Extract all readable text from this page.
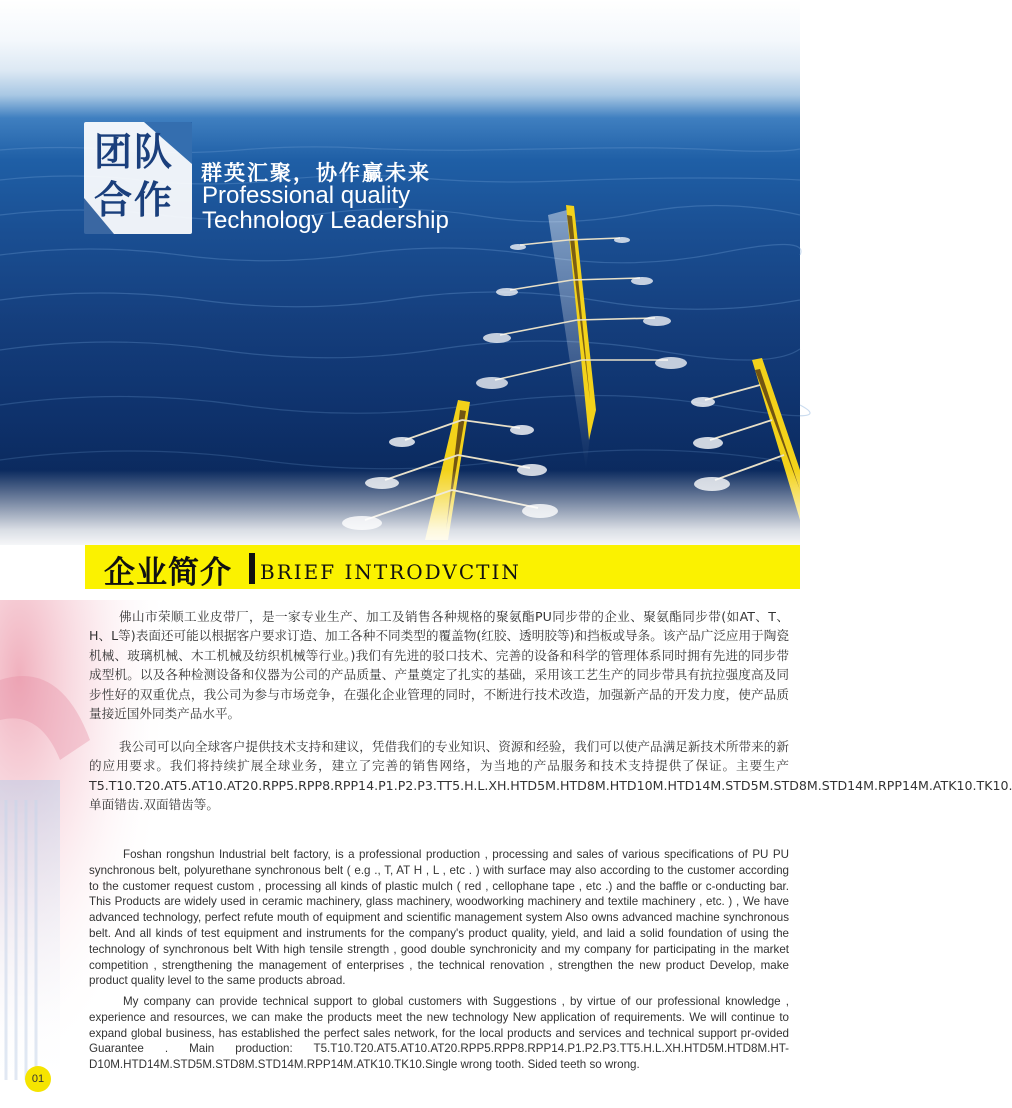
团队
合作
群英汇聚，协作赢未来
Professional quality
Technology Leadership
企业简介 BRIEF INTRODVCTIN
佛山市荣顺工业皮带厂，是一家专业生产、加工及销售各种规格的聚氨酯PU同步带的企业、聚氨酯同步带(如AT、T、H、L等)表面还可能以根据客户要求订造、加工各种不同类型的覆盖物(红胶、透明胶等)和挡板或导条。该产品广泛应用于陶瓷机械、玻璃机械、木工机械及纺织机械等行业。)我们有先进的驳口技术、完善的设备和科学的管理体系同时拥有先进的同步带成型机。以及各种检测设备和仪器为公司的产品质量、产量奠定了扎实的基础，采用该工艺生产的同步带具有抗拉强度高及同步性好的双重优点，我公司为参与市场竞争，在强化企业管理的同时，不断进行技术改造，加强新产品的开发力度，使产品质量接近国外同类产品水平。
我公司可以向全球客户提供技术支持和建议，凭借我们的专业知识、资源和经验，我们可以使产品满足新技术所带来的新的应用要求。我们将持续扩展全球业务，建立了完善的销售网络，为当地的产品服务和技术支持提供了保证。主要生产T5.T10.T20.AT5.AT10.AT20.RPP5.RPP8.RPP14.P1.P2.P3.TT5.H.L.XH.HTD5M.HTD8M.HTD10M.HTD14M.STD5M.STD8M.STD14M.RPP14M.ATK10.TK10.单面错齿.双面错齿等。
Foshan rongshun Industrial belt factory, is a professional production , processing and sales of various specifications of PU PU synchronous belt, polyurethane synchronous belt ( e.g ., T, AT H , L , etc . ) with surface may also according to the customer according to the customer request custom , processing all kinds of plastic mulch ( red , cellophane tape , etc .) and the baffle or c-onducting bar. This Products are widely used in ceramic machinery, glass machinery, woodworking machinery and textile machinery , etc. ) , We have advanced technology, perfect refute mouth of equipment and scientific management system Also owns advanced machine synchronous belt. And all kinds of test equipment and instruments for the company's product quality, yield, and laid a solid foundation of using the technology of synchronous belt With high tensile strength , good double synchronicity and my company for participating in the market competition , strengthening the management of enterprises , the technical renovation , strengthen the new product Develop, make product quality level to the same products abroad.
My company can provide technical support to global customers with Suggestions , by virtue of our professional knowledge , experience and resources, we can make the products meet the new technology New application of requirements. We will continue to expand global business, has established the perfect sales network, for the local products and services and technical support pr-ovided Guarantee . Main production: T5.T10.T20.AT5.AT10.AT20.RPP5.RPP8.RPP14.P1.P2.P3.TT5.H.L.XH.HTD5M.HTD8M.HT-D10M.HTD14M.STD5M.STD8M.STD14M.RPP14M.ATK10.TK10.Single wrong tooth. Sided teeth so wrong.
01
